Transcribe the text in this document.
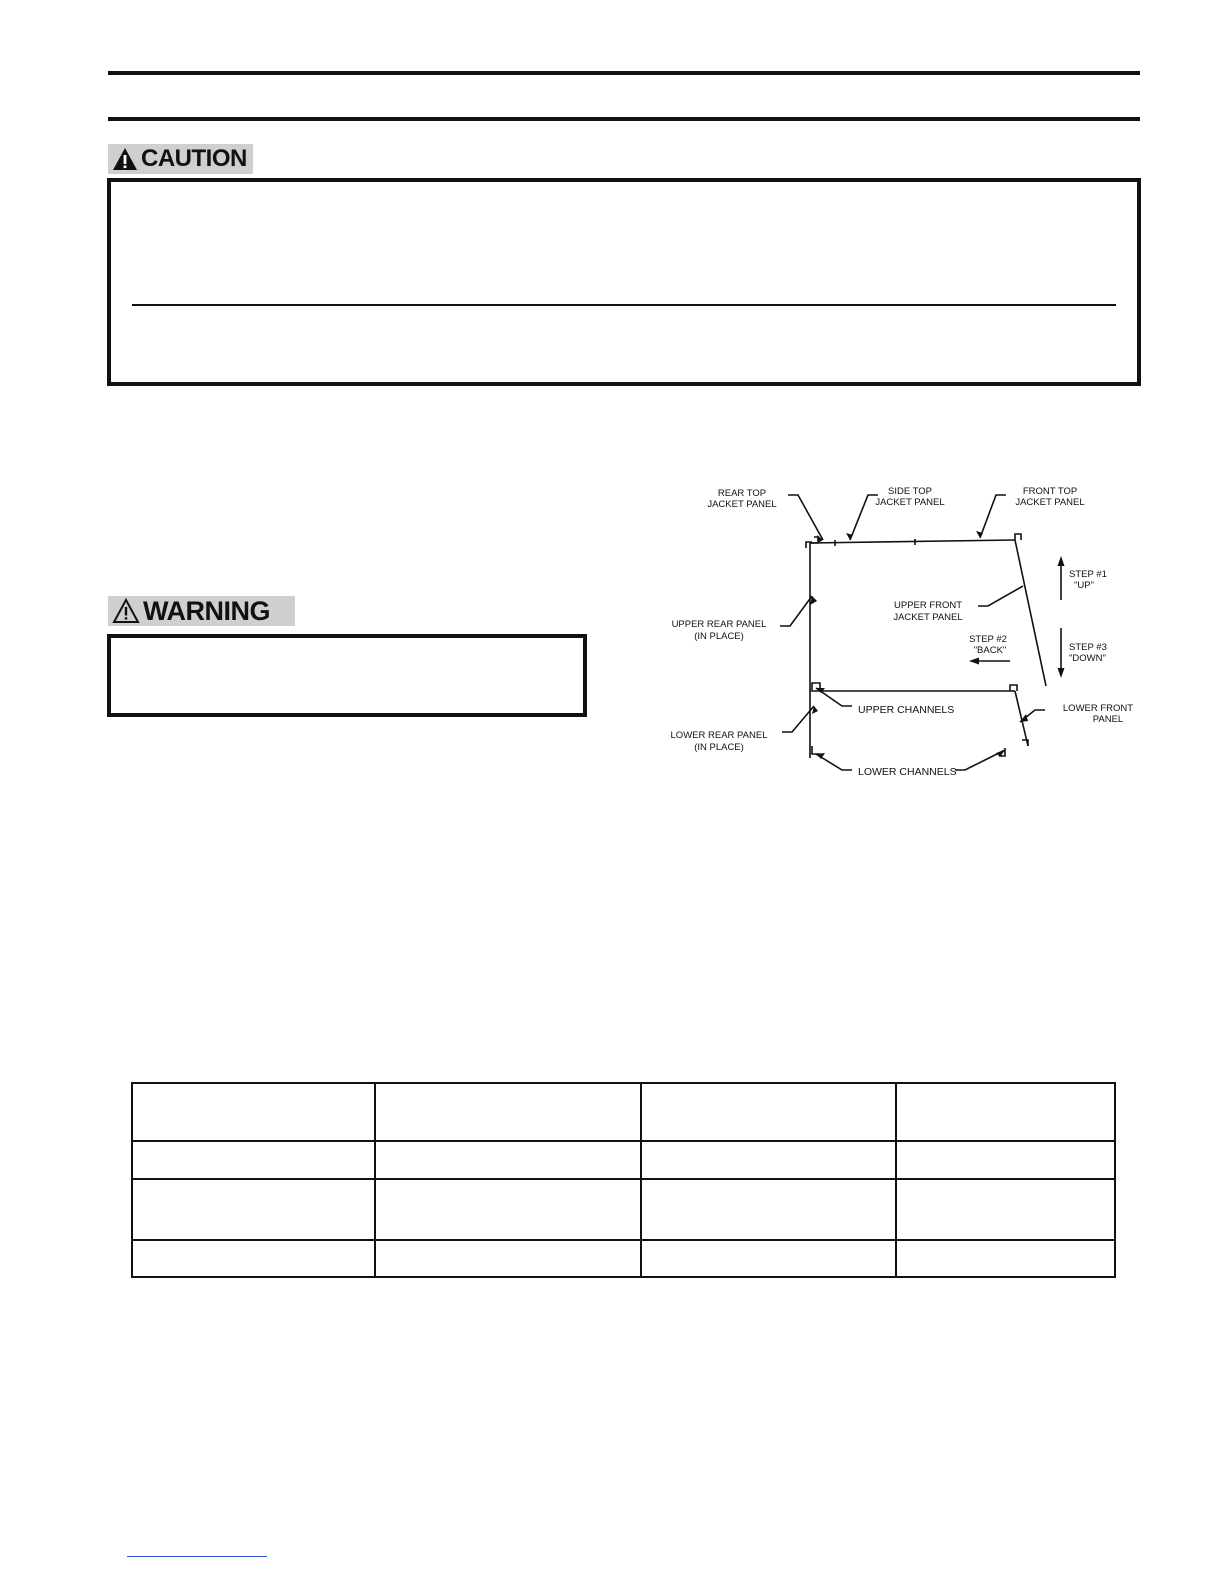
CAUTION
WARNING
REAR TOP
JACKET PANEL
SIDE TOP
JACKET PANEL
FRONT TOP
JACKET PANEL
UPPER FRONT
JACKET PANEL
UPPER REAR PANEL
(IN PLACE)
LOWER REAR PANEL
(IN PLACE)
LOWER FRONT
PANEL
STEP #2
"BACK"
STEP #1
"UP"
STEP #3
"DOWN"
UPPER CHANNELS
LOWER CHANNELS
